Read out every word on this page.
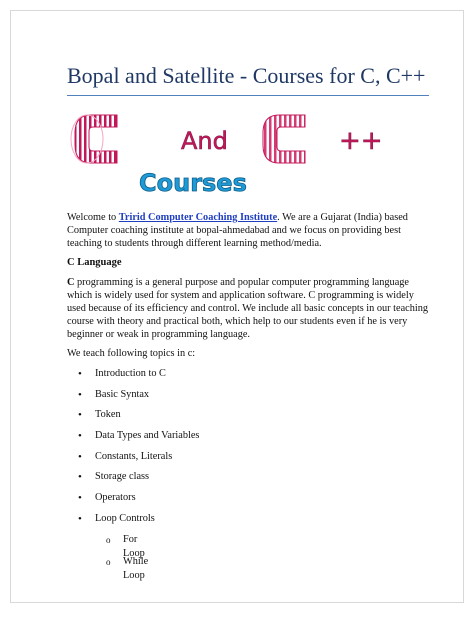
Bopal and Satellite - Courses for C, C++
And	++
Courses
Welcome to Tririd Computer Coaching Institute. We are a Gujarat (India) based Computer coaching institute at bopal-ahmedabad and we focus on providing best teaching to students through different learning method/media.
C Language
C programming is a general purpose and popular computer programming language which is widely used for system and application software. C programming is widely used because of its efficiency and control. We include all basic concepts in our teaching course with theory and practical both, which help to our students even if he is very beginner or weak in programming language.
We teach following topics in c:
• Introduction to C
• Basic Syntax
• Token
• Data Types and Variables
• Constants, Literals
• Storage class
• Operators
• Loop Controls
o For Loop
o While Loop
